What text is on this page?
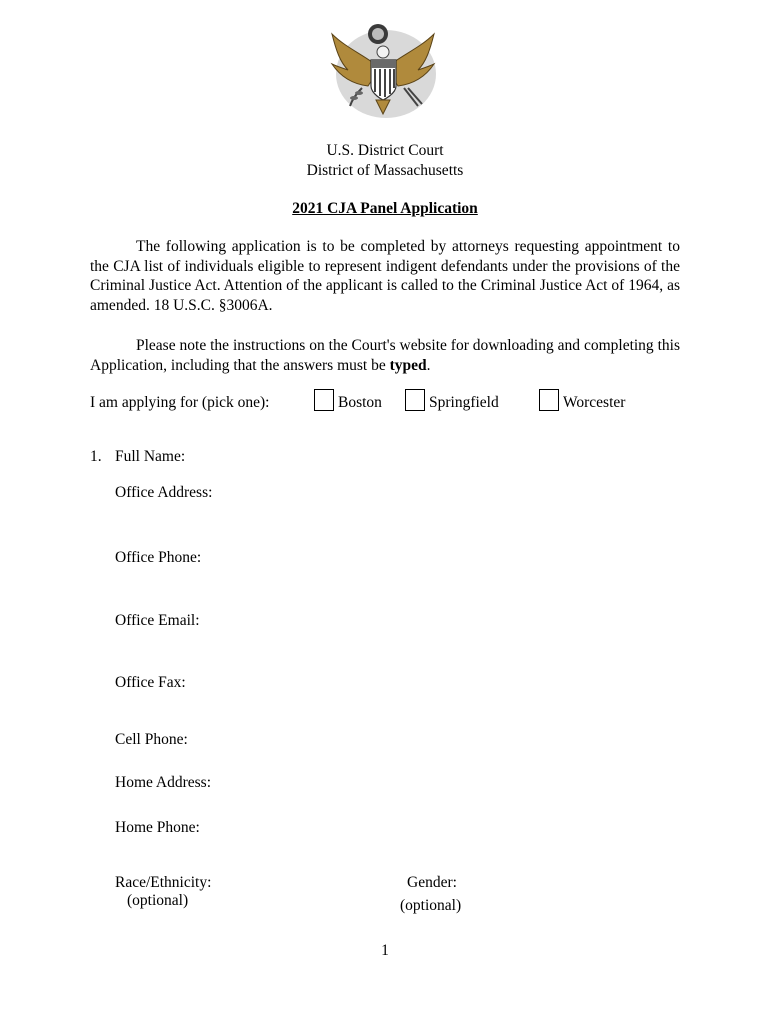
U.S. District Court
District of Massachusetts
2021 CJA Panel Application
The following application is to be completed by attorneys requesting appointment to the CJA list of individuals eligible to represent indigent defendants under the provisions of the Criminal Justice Act. Attention of the applicant is called to the Criminal Justice Act of 1964, as amended. 18 U.S.C. §3006A.
Please note the instructions on the Court's website for downloading and completing this Application, including that the answers must be typed.
I am applying for (pick one):	Boston	Springfield	Worcester
1. Full Name:
Office Address:
Office Phone:
Office Email:
Office Fax:
Cell Phone:
Home Address:
Home Phone:
Race/Ethnicity:
(optional)
Gender:
(optional)
1
